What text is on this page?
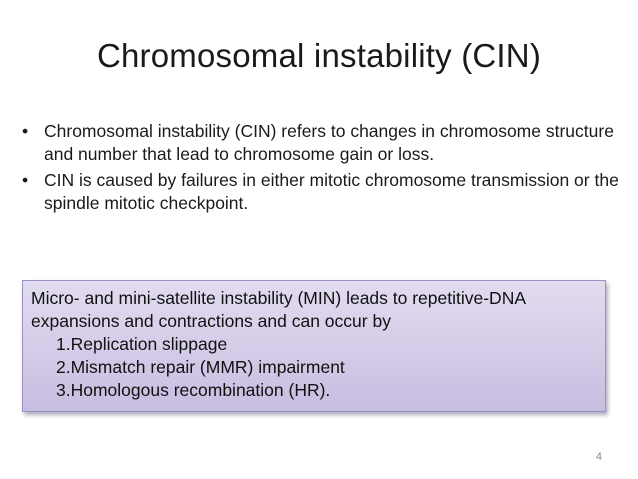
Chromosomal instability (CIN)
• Chromosomal instability (CIN) refers to changes in chromosome structure and number that lead to chromosome gain or loss.
• CIN is caused by failures in either mitotic chromosome transmission or the spindle mitotic checkpoint.

Micro- and mini-satellite instability (MIN) leads to repetitive-DNA expansions and contractions and can occur by

1.Replication slippage
2.Mismatch repair (MMR) impairment
3.Homologous recombination (HR).
4
